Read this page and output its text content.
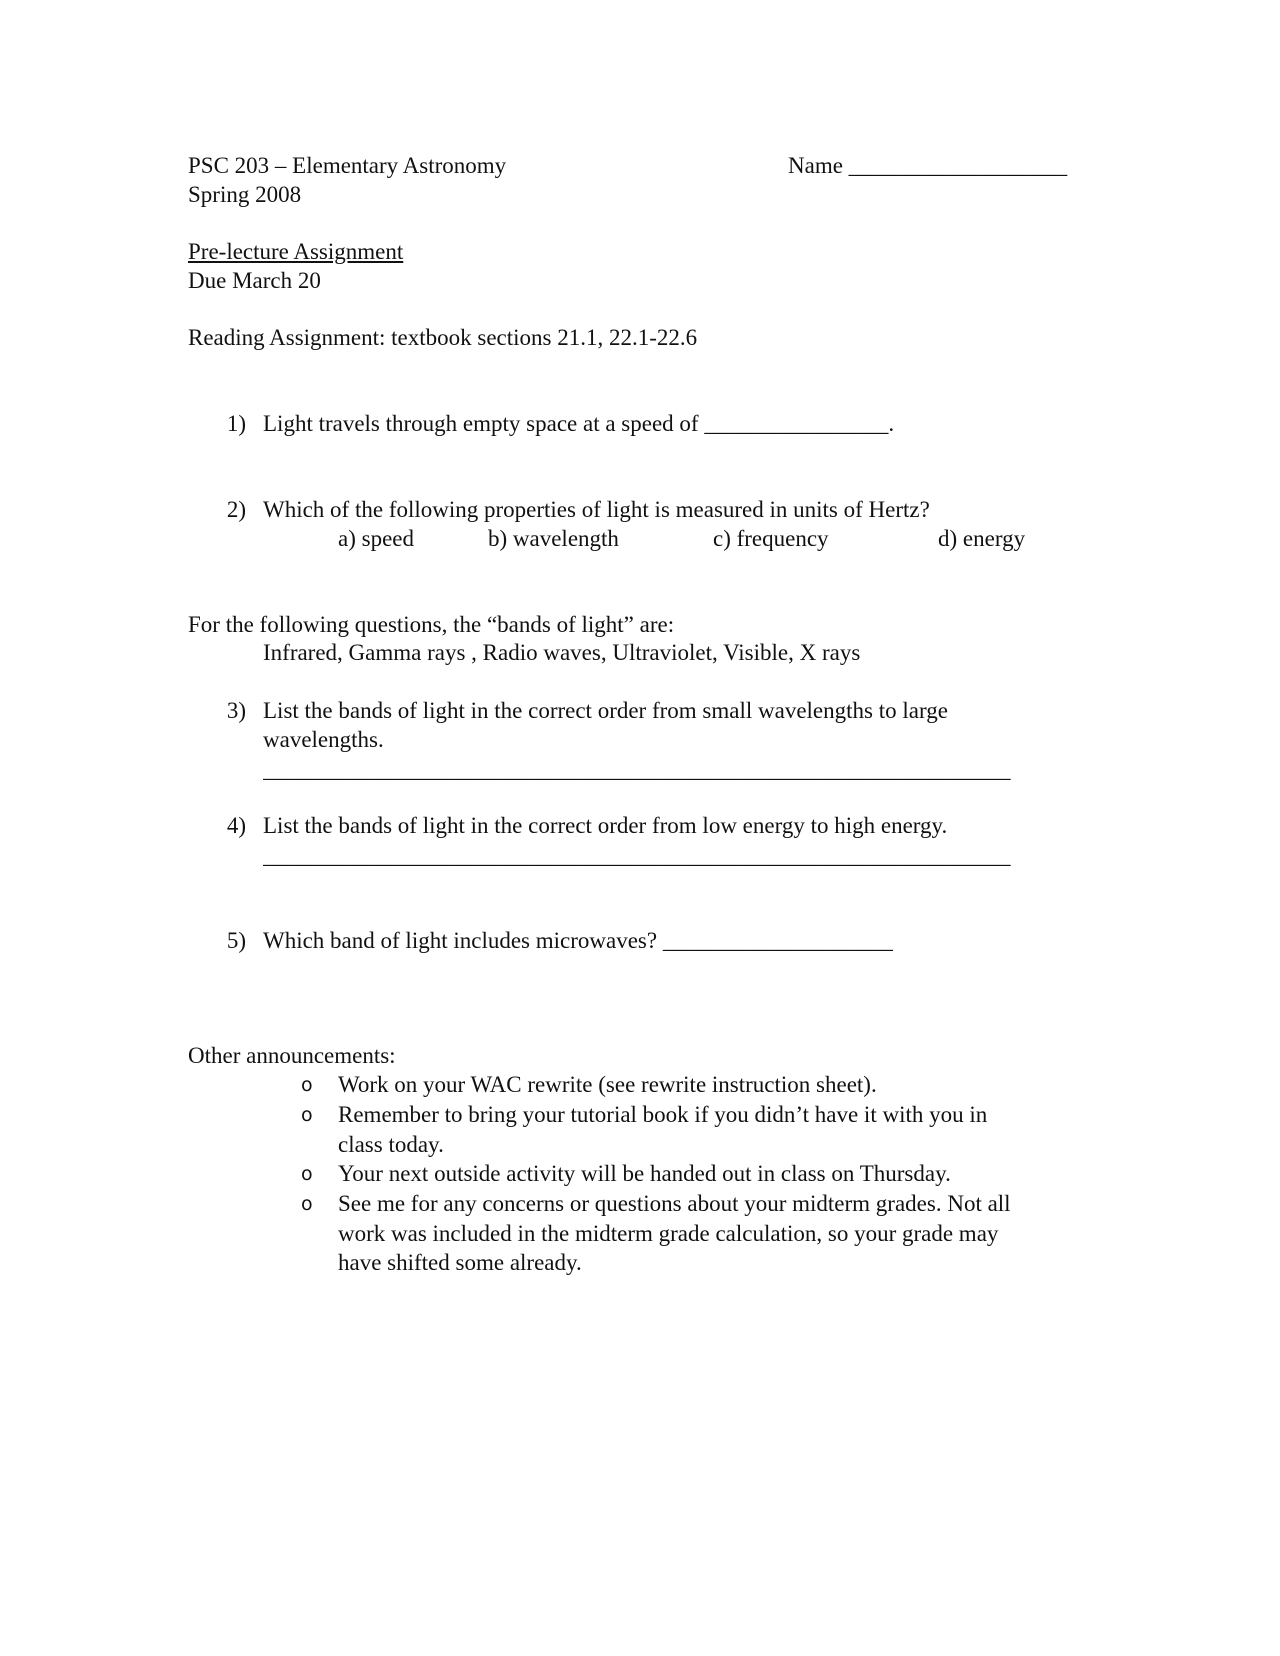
PSC 203 – Elementary Astronomy	Name ___________________
Spring 2008
Pre-lecture Assignment
Due March 20
Reading Assignment: textbook sections 21.1, 22.1-22.6
1) Light travels through empty space at a speed of ________________.
2) Which of the following properties of light is measured in units of Hertz?
a) speed	b) wavelength	c) frequency	d) energy
For the following questions, the “bands of light” are:
Infrared, Gamma rays , Radio waves, Ultraviolet, Visible, X rays
3) List the bands of light in the correct order from small wavelengths to large
wavelengths.
_________________________________________________________________
4) List the bands of light in the correct order from low energy to high energy.
_________________________________________________________________
5) Which band of light includes microwaves? ____________________
Other announcements:
o Work on your WAC rewrite (see rewrite instruction sheet).
o Remember to bring your tutorial book if you didn’t have it with you in
class today.
o Your next outside activity will be handed out in class on Thursday.
o See me for any concerns or questions about your midterm grades. Not all
work was included in the midterm grade calculation, so your grade may
have shifted some already.
